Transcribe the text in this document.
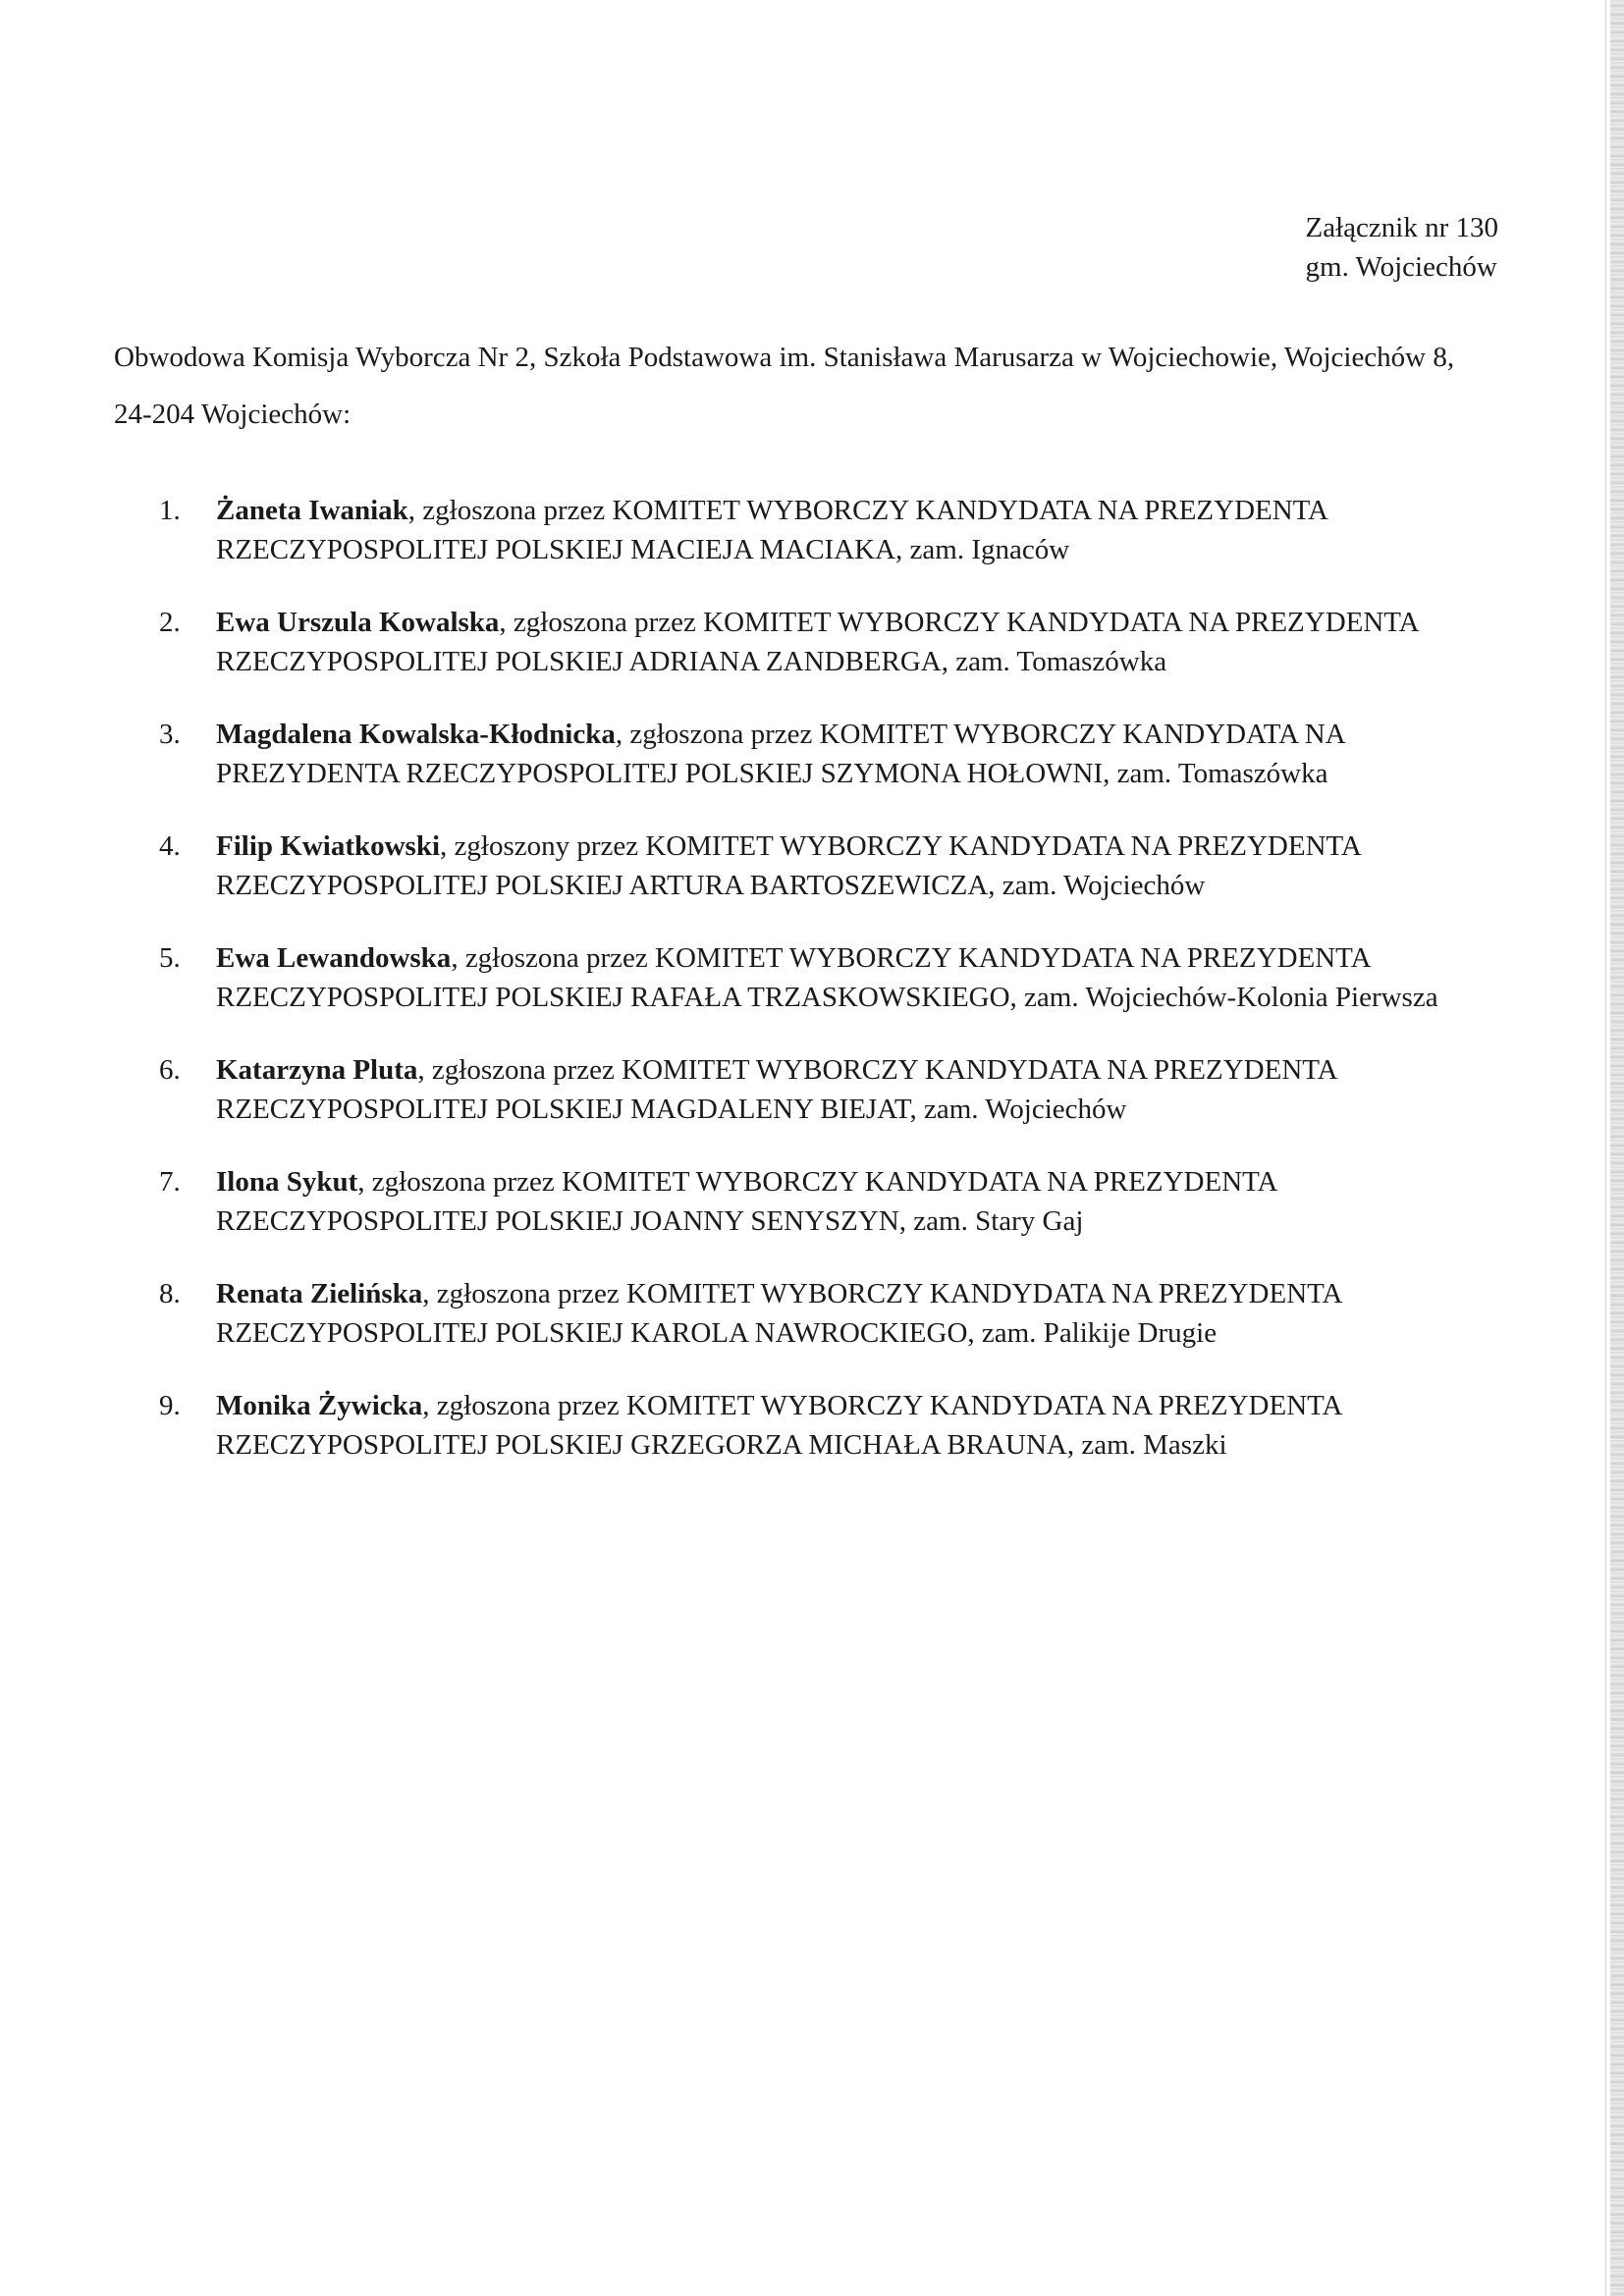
Załącznik nr 130
gm. Wojciechów
Obwodowa Komisja Wyborcza Nr 2, Szkoła Podstawowa im. Stanisława Marusarza w Wojciechowie, Wojciechów 8, 24-204 Wojciechów:
1. Żaneta Iwaniak, zgłoszona przez KOMITET WYBORCZY KANDYDATA NA PREZYDENTA RZECZYPOSPOLITEJ POLSKIEJ MACIEJA MACIAKA, zam. Ignaców
2. Ewa Urszula Kowalska, zgłoszona przez KOMITET WYBORCZY KANDYDATA NA PREZYDENTA RZECZYPOSPOLITEJ POLSKIEJ ADRIANA ZANDBERGA, zam. Tomaszówka
3. Magdalena Kowalska-Kłodnicka, zgłoszona przez KOMITET WYBORCZY KANDYDATA NA PREZYDENTA RZECZYPOSPOLITEJ POLSKIEJ SZYMONA HOŁOWNI, zam. Tomaszówka
4. Filip Kwiatkowski, zgłoszony przez KOMITET WYBORCZY KANDYDATA NA PREZYDENTA RZECZYPOSPOLITEJ POLSKIEJ ARTURA BARTOSZEWICZA, zam. Wojciechów
5. Ewa Lewandowska, zgłoszona przez KOMITET WYBORCZY KANDYDATA NA PREZYDENTA RZECZYPOSPOLITEJ POLSKIEJ RAFAŁA TRZASKOWSKIEGO, zam. Wojciechów-Kolonia Pierwsza
6. Katarzyna Pluta, zgłoszona przez KOMITET WYBORCZY KANDYDATA NA PREZYDENTA RZECZYPOSPOLITEJ POLSKIEJ MAGDALENY BIEJAT, zam. Wojciechów
7. Ilona Sykut, zgłoszona przez KOMITET WYBORCZY KANDYDATA NA PREZYDENTA RZECZYPOSPOLITEJ POLSKIEJ JOANNY SENYSZYN, zam. Stary Gaj
8. Renata Zielińska, zgłoszona przez KOMITET WYBORCZY KANDYDATA NA PREZYDENTA RZECZYPOSPOLITEJ POLSKIEJ KAROLA NAWROCKIEGO, zam. Palikije Drugie
9. Monika Żywicka, zgłoszona przez KOMITET WYBORCZY KANDYDATA NA PREZYDENTA RZECZYPOSPOLITEJ POLSKIEJ GRZEGORZA MICHAŁA BRAUNA, zam. Maszki
